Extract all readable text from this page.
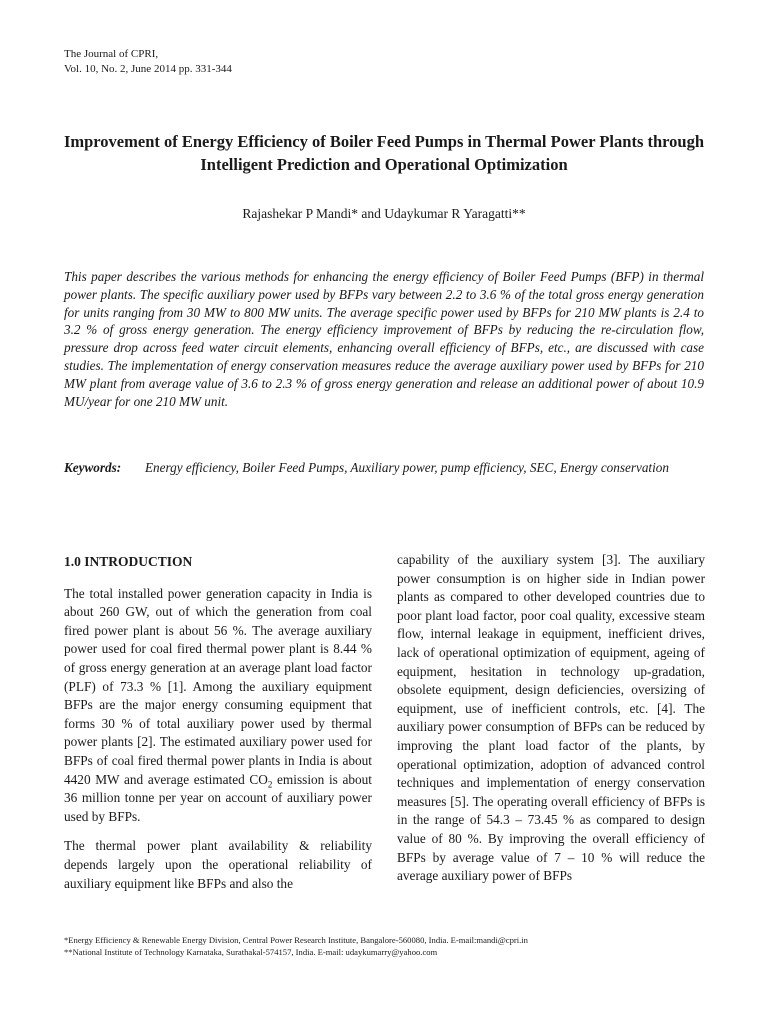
The Journal of CPRI,
Vol. 10, No. 2, June 2014 pp. 331-344
Improvement of Energy Efficiency of Boiler Feed Pumps in Thermal Power Plants through Intelligent Prediction and Operational Optimization
Rajashekar P Mandi* and Udaykumar R Yaragatti**
This paper describes the various methods for enhancing the energy efficiency of Boiler Feed Pumps (BFP) in thermal power plants. The specific auxiliary power used by BFPs vary between 2.2 to 3.6 % of the total gross energy generation for units ranging from 30 MW to 800 MW units. The average specific power used by BFPs for 210 MW plants is 2.4 to 3.2 % of gross energy generation. The energy efficiency improvement of BFPs by reducing the re-circulation flow, pressure drop across feed water circuit elements, enhancing overall efficiency of BFPs, etc., are discussed with case studies. The implementation of energy conservation measures reduce the average auxiliary power used by BFPs for 210 MW plant from average value of 3.6 to 2.3 % of gross energy generation and release an additional power of about 10.9 MU/year for one 210 MW unit.
Keywords:	Energy efficiency, Boiler Feed Pumps, Auxiliary power, pump efficiency, SEC, Energy conservation
1.0 INTRODUCTION

The total installed power generation capacity in India is about 260 GW, out of which the generation from coal fired power plant is about 56 %. The average auxiliary power used for coal fired thermal power plant is 8.44 % of gross energy generation at an average plant load factor (PLF) of 73.3 % [1]. Among the auxiliary equipment BFPs are the major energy consuming equipment that forms 30 % of total auxiliary power used by thermal power plants [2]. The estimated auxiliary power used for BFPs of coal fired thermal power plants in India is about 4420 MW and average estimated $CO_2$ emission is about 36 million tonne per year on account of auxiliary power used by BFPs.

The thermal power plant availability & reliability depends largely upon the operational reliability of auxiliary equipment like BFPs and also the

capability of the auxiliary system [3]. The auxiliary power consumption is on higher side in Indian power plants as compared to other developed countries due to poor plant load factor, poor coal quality, excessive steam flow, internal leakage in equipment, inefficient drives, lack of operational optimization of equipment, ageing of equipment, hesitation in technology up-gradation, obsolete equipment, design deficiencies, oversizing of equipment, use of inefficient controls, etc. [4]. The auxiliary power consumption of BFPs can be reduced by improving the plant load factor of the plants, by operational optimization, adoption of advanced control techniques and implementation of energy conservation measures [5]. The operating overall efficiency of BFPs is in the range of 54.3 – 73.45 % as compared to design value of 80 %. By improving the overall efficiency of BFPs by average value of 7 – 10 % will reduce the average auxiliary power of BFPs

*Energy Efficiency & Renewable Energy Division, Central Power Research Institute, Bangalore-560080, India. E-mail:mandi@cpri.in
**National Institute of Technology Karnataka, Surathakal-574157, India. E-mail: udaykumarry@yahoo.com
